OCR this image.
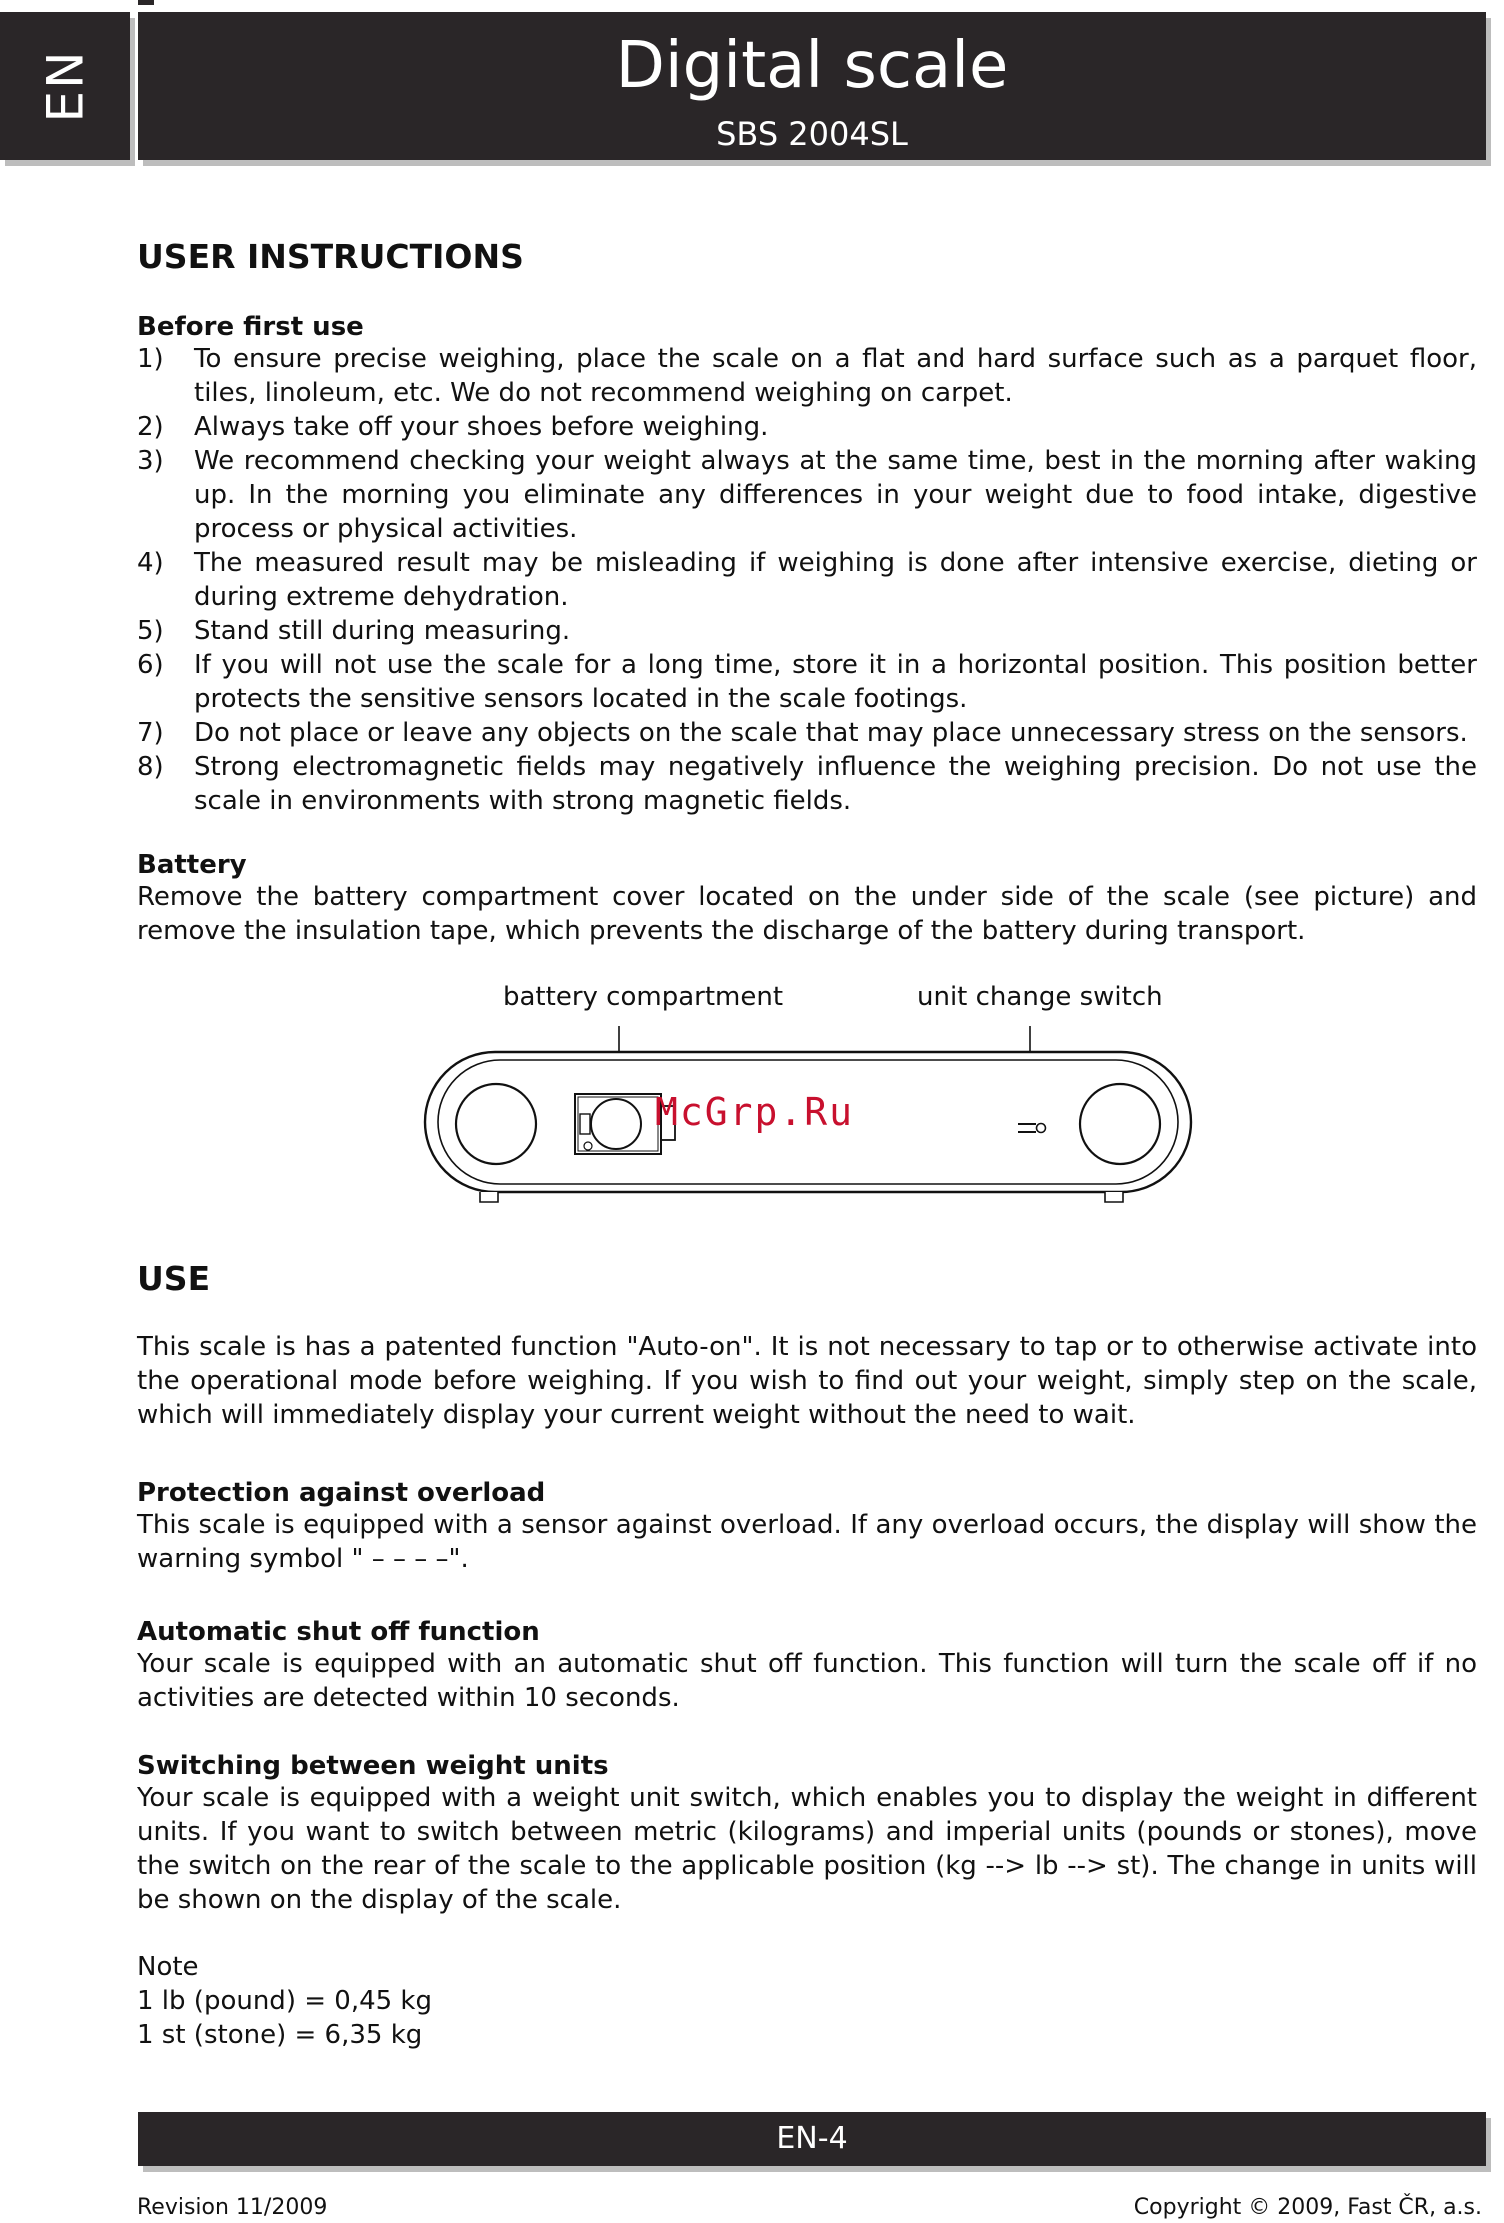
EN	Digital scale
SBS 2004SL
USER INSTRUCTIONS
Before first use
1) To ensure precise weighing, place the scale on a flat and hard surface such as a parquet floor, tiles, linoleum, etc. We do not recommend weighing on carpet.
2) Always take off your shoes before weighing.
3) We recommend checking your weight always at the same time, best in the morning after waking up. In the morning you eliminate any differences in your weight due to food intake, digestive process or physical activities.
4) The measured result may be misleading if weighing is done after intensive exercise, dieting or during extreme dehydration.
5) Stand still during measuring.
6) If you will not use the scale for a long time, store it in a horizontal position. This position better protects the sensitive sensors located in the scale footings.
7) Do not place or leave any objects on the scale that may place unnecessary stress on the sensors.
8) Strong electromagnetic fields may negatively influence the weighing precision. Do not use the scale in environments with strong magnetic fields.
Battery

Remove the battery compartment cover located on the under side of the scale (see picture) and remove the insulation tape, which prevents the discharge of the battery during transport.

USE

This scale is has a patented function "Auto-on". It is not necessary to tap or to otherwise activate into the operational mode before weighing. If you wish to find out your weight, simply step on the scale, which will immediately display your current weight without the need to wait.

Protection against overload

This scale is equipped with a sensor against overload. If any overload occurs, the display will show the warning symbol " – – – –".

Automatic shut off function

Your scale is equipped with an automatic shut off function. This function will turn the scale off if no activities are detected within 10 seconds.

Switching between weight units

Your scale is equipped with a weight unit switch, which enables you to display the weight in different units. If you want to switch between metric (kilograms) and imperial units (pounds or stones), move the switch on the rear of the scale to the applicable position (kg --> lb --> st). The change in units will be shown on the display of the scale.

Note
1 lb (pound) = 0,45 kg
1 st (stone) = 6,35 kg
battery compartment	unit change switch
McGrp.Ru
EN-4
Revision 11/2009	Copyright © 2009, Fast ČR, a.s.
